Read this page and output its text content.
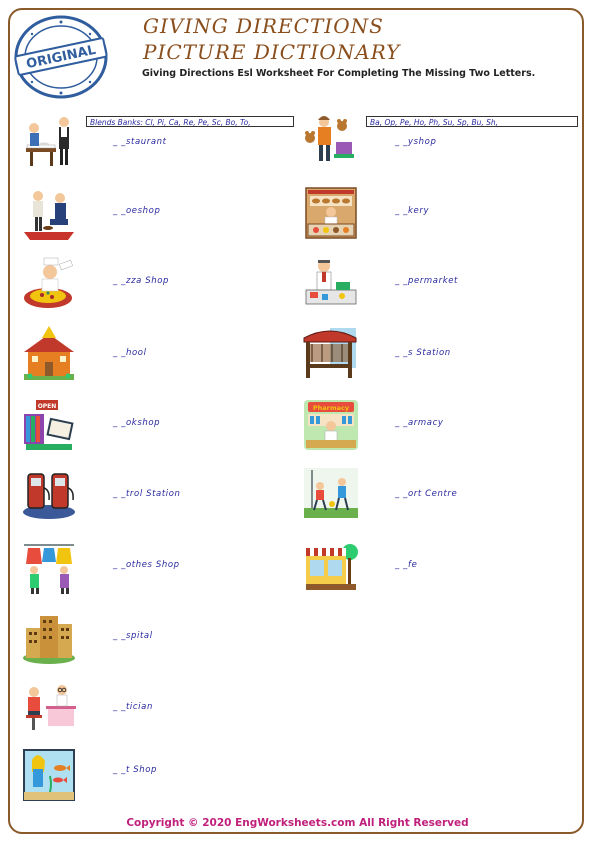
ORIGINAL
GIVING DIRECTIONS
PICTURE DICTIONARY
Giving Directions Esl Worksheet For Completing The Missing Two Letters.
Blends Banks: Cl, Pi, Ca, Re, Pe, Sc, Bo, To,	Ba, Op, Pe, Ho, Ph, Su, Sp, Bu, Sh,
_ _staurant
_ _oeshop
_ _zza Shop
_ _hool
OPEN
_ _okshop
_ _trol Station
_ _othes Shop
_ _spital
_ _tician
_ _t Shop
_ _yshop
_ _kery
_ _permarket
_ _s Station
Pharmacy
_ _armacy
_ _ort Centre
_ _fe
Copyright © 2020 EngWorksheets.com All Right Reserved
